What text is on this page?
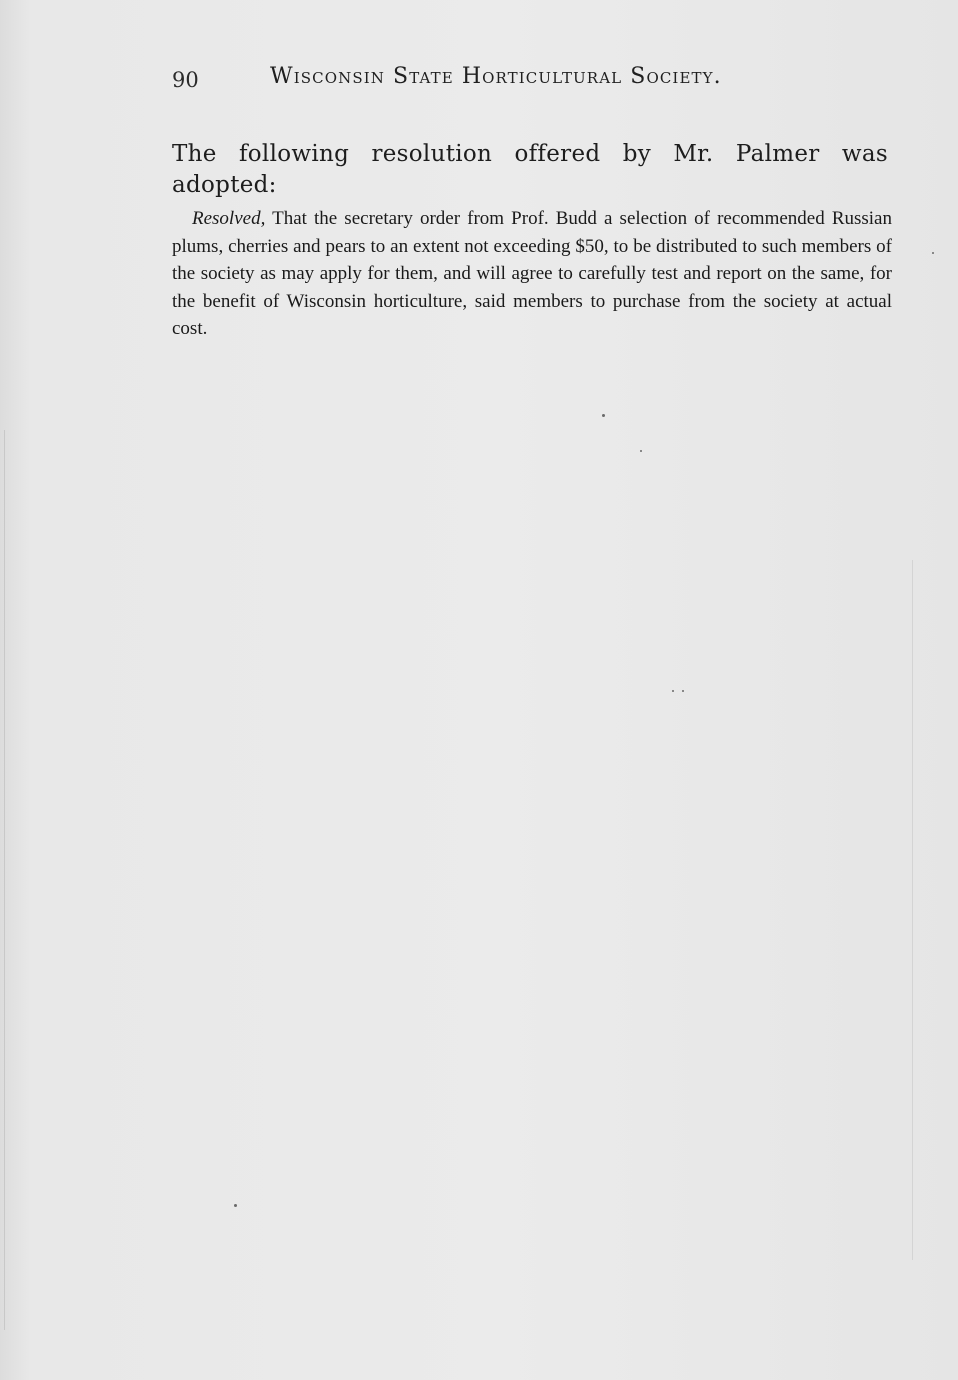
90	Wisconsin State Horticultural Society.

The following resolution offered by Mr. Palmer was adopted:

Resolved, That the secretary order from Prof. Budd a selection of recommended Russian plums, cherries and pears to an extent not exceeding $50, to be distributed to such members of the society as may apply for them, and will agree to carefully test and report on the same, for the benefit of Wisconsin horticulture, said members to purchase from the society at actual cost.
